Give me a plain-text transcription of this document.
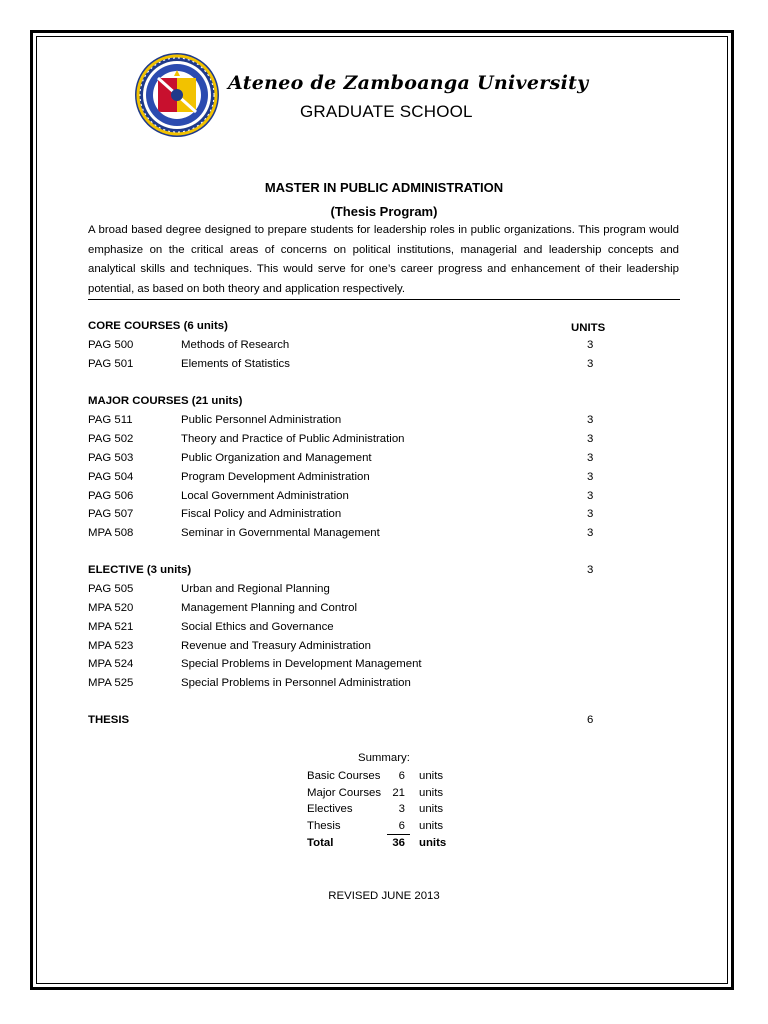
Ateneo de Zamboanga University
GRADUATE SCHOOL
MASTER IN PUBLIC ADMINISTRATION
(Thesis Program)

A broad based degree designed to prepare students for leadership roles in public organizations. This program would emphasize on the critical areas of concerns on political institutions, managerial and leadership concepts and analytical skills and techniques. This would serve for one’s career progress and enhancement of their leadership potential, as based on both theory and application respectively.

CORE COURSES (6 units)	UNITS
PAG 500	Methods of Research	3
PAG 501	Elements of Statistics	3
MAJOR COURSES (21 units)
PAG 511	Public Personnel Administration	3
PAG 502	Theory and Practice of Public Administration	3
PAG 503	Public Organization and Management	3
PAG 504	Program Development Administration	3
PAG 506	Local Government Administration	3
PAG 507	Fiscal Policy and Administration	3
MPA 508	Seminar in Governmental Management	3
ELECTIVE (3 units)	3
PAG 505	Urban and Regional Planning
MPA 520	Management Planning and Control
MPA 521	Social Ethics and Governance
MPA 523	Revenue and Treasury Administration
MPA 524	Special Problems in Development Management
MPA 525	Special Problems in Personnel Administration
THESIS	6
Summary:
Basic Courses 6 units
Major Courses 21 units
Electives	3 units
Thesis	6 units
Total	36 units
REVISED JUNE 2013
